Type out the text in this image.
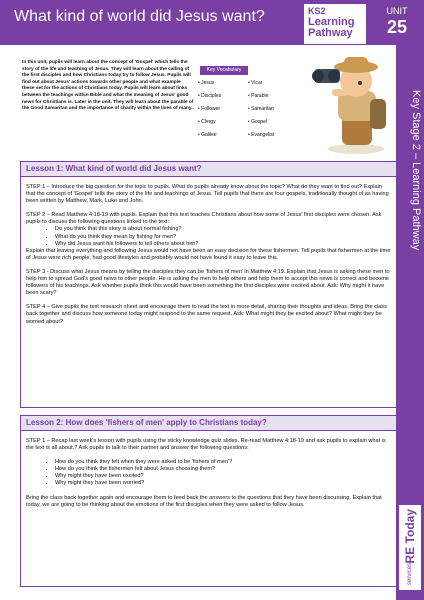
What kind of world did Jesus want?	KS2
Learning
Pathway
UNIT
25
Key Stage 2 – Learning Pathway
RE Today
services
In this unit, pupils will learn about the concept of 'Gospel' which tells the story of the life and teaching of Jesus. They will learn about the calling of the first disciples and how Christians today try to follow Jesus. Pupils will find out about Jesus' actions towards other people and what example these set for the actions of Christians today. Pupils will learn about links between the teachings within Bible and what the meaning of Jesus' good news for Christians is. Later in the unit. They will learn about the parable of the Good Samaritan and the importance of charity within the lives of many..
Key Vocabulary
• Jesus
• Disciples
• Follower
• Clergy
• Galilee
• Vicar
• Parable
• Samaritan
• Gospel
• Evangelist
Lesson 1: What kind of world did Jesus want?

STEP 1 – Introduce the big question for the topic to pupils. What do pupils already know about the topic? What do they want to find out? Explain that the concept of 'Gospel' tells the story of the life and teachings of Jesus. Tell pupils that there are four gospels, traditionally thought of as having been written by Matthew, Mark, Luke and John.

STEP 2 – Read Matthew 4:18-19 with pupils. Explain that this text teaches Christians about how some of Jesus' first disciples were chosen. Ask pupils to discuss the following questions linked to the text:

• Do you think that this story is about normal fishing?
• What do you think they mean by fishing for men?
• Why did Jesus want his followers to tell others about him?

Explain that leaving everything and following Jesus would not have been an easy decision for these fishermen. Tell pupils that fishermen at the time of Jesus were rich people, had good lifestyles and probably would not have found it easy to leave this.

STEP 3 - Discuss what Jesus means by telling the disciples they can be 'fishers of men' in Matthew 4:19. Explain that Jesus is asking these men to help him to spread God's good news to other people. He is asking the men to help others and help them to accept this news is correct and become followers of his teachings. Ask whether pupils think this would have been something the first disciples were excited about. Ask: Why might it have been scary?

STEP 4 – Give pupils the text research sheet and encourage them to read the text in more detail, sharing their thoughts and ideas. Bring the class back together and discuss how someone today might respond to the same request. Ask: What might they be excited about? What might they be worried about?

Lesson 2: How does 'fishers of men' apply to Christians today?

STEP 1 – Recap last week's lesson with pupils using the sticky knowledge quiz slides. Re-read Matthew 4:18-19 and ask pupils to explain what is the text is all about.? Ask pupils to talk to their partner and answer the following questions:

• How do you think they felt when they were asked to be 'fishers of men'?
• How do you think the fishermen felt about Jesus choosing them?
• Why might they have been excited?
• Why might they have been worried?

Bring the class back together again and encourage them to feed back the answers to the questions that they have been discussing. Explain that today, we are going to be thinking about the emotions of the first disciples when they were asked to follow Jesus.
